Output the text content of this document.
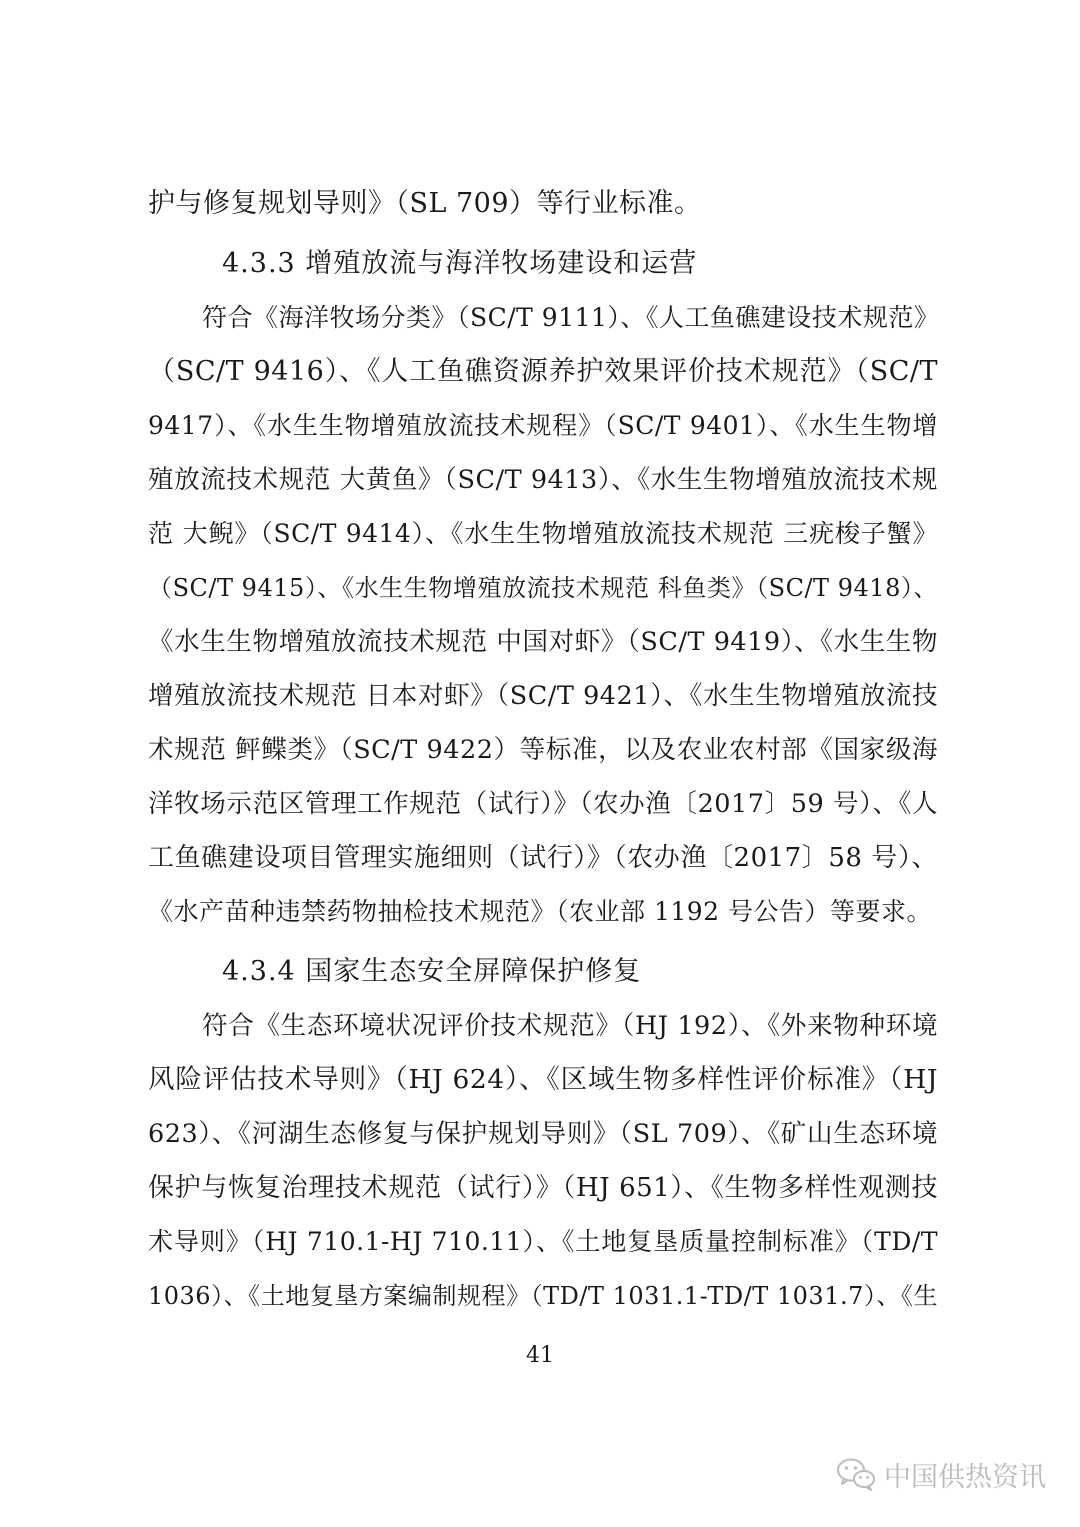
护与修复规划导则》（SL 709）等行业标准。
4.3.3 增殖放流与海洋牧场建设和运营
符合《海洋牧场分类》（SC/T 9111）、《人工鱼礁建设技术规范》
（SC/T 9416）、《人工鱼礁资源养护效果评价技术规范》（SC/T
9417）、《水生生物增殖放流技术规程》（SC/T 9401）、《水生生物增
殖放流技术规范 大黄鱼》（SC/T 9413）、《水生生物增殖放流技术规
范 大鲵》（SC/T 9414）、《水生生物增殖放流技术规范 三疣梭子蟹》
（SC/T 9415）、《水生生物增殖放流技术规范 科鱼类》（SC/T 9418）、
《水生生物增殖放流技术规范 中国对虾》（SC/T 9419）、《水生生物
增殖放流技术规范 日本对虾》（SC/T 9421）、《水生生物增殖放流技
术规范 鲆鲽类》（SC/T 9422）等标准，以及农业农村部《国家级海
洋牧场示范区管理工作规范（试行）》（农办渔〔2017〕59 号）、《人
工鱼礁建设项目管理实施细则（试行）》（农办渔〔2017〕58 号）、
《水产苗种违禁药物抽检技术规范》（农业部 1192 号公告）等要求。
4.3.4 国家生态安全屏障保护修复
符合《生态环境状况评价技术规范》（HJ 192）、《外来物种环境
风险评估技术导则》（HJ 624）、《区域生物多样性评价标准》（HJ
623）、《河湖生态修复与保护规划导则》（SL 709）、《矿山生态环境
保护与恢复治理技术规范（试行）》（HJ 651）、《生物多样性观测技
术导则》（HJ 710.1-HJ 710.11）、《土地复垦质量控制标准》（TD/T
1036）、《土地复垦方案编制规程》（TD/T 1031.1-TD/T 1031.7）、《生
41
中国供热资讯
